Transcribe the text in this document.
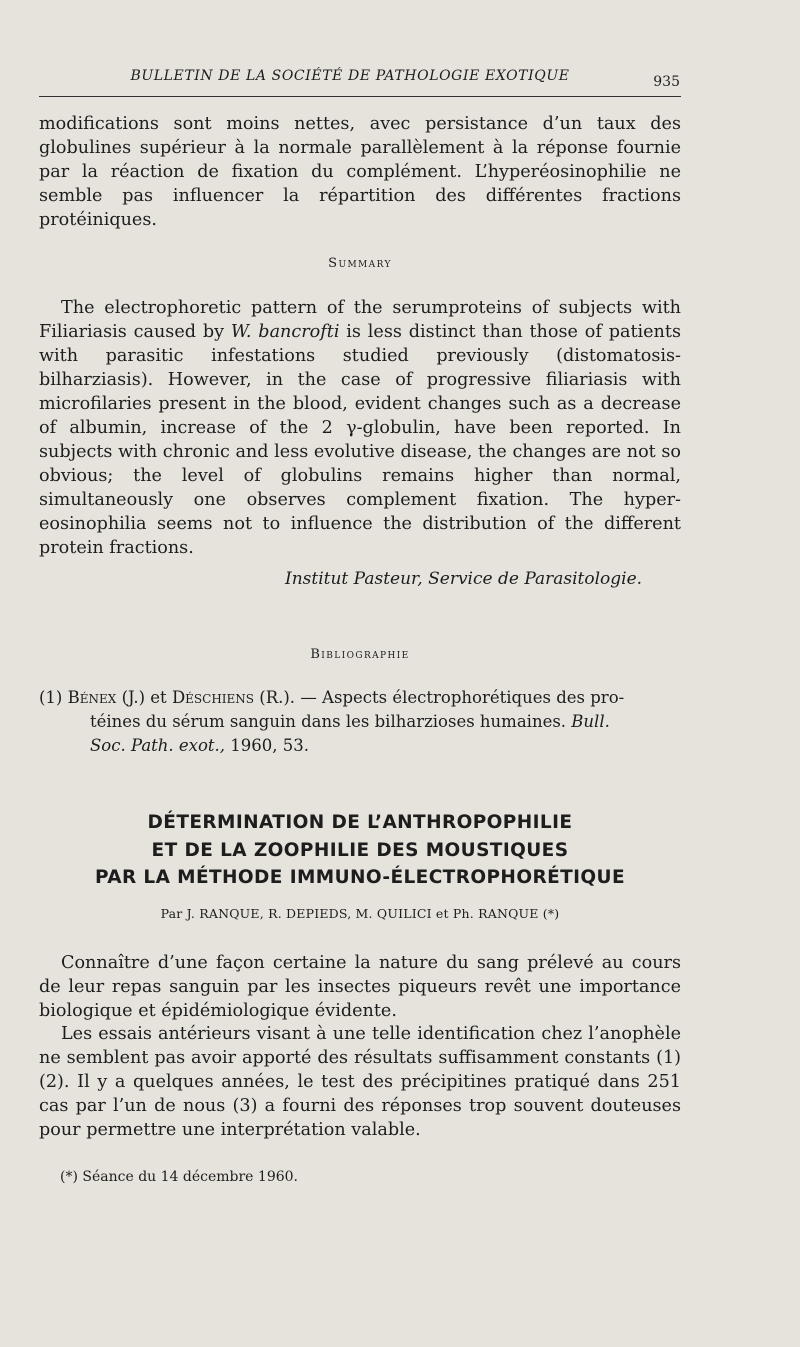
BULLETIN DE LA SOCIÉTÉ DE PATHOLOGIE EXOTIQUE	935
modifications sont moins nettes, avec persistance d’un taux des globulines supérieur à la normale parallèlement à la réponse fournie par la réaction de fixation du complément. L’hyperéosinophilie ne semble pas influencer la répartition des différentes fractions protéiniques.
Summary
The electrophoretic pattern of the serumproteins of subjects with Filiariasis caused by W. bancrofti is less distinct than those of patients with parasitic infestations studied previously (distomatosis-bilharziasis). However, in the case of progressive filiariasis with microfilaries present in the blood, evident changes such as a decrease of albumin, increase of the 2 γ-globulin, have been reported. In subjects with chronic and less evolutive disease, the changes are not so obvious; the level of globulins remains higher than normal, simultaneously one observes complement fixation. The hyper-eosinophilia seems not to influence the distribution of the different protein fractions.
Institut Pasteur, Service de Parasitologie.
Bibliographie
(1) Bénex (J.) et Déschiens (R.). — Aspects électrophorétiques des pro-
téines du sérum sanguin dans les bilharzioses humaines. Bull.
Soc. Path. exot., 1960, 53.
DÉTERMINATION DE L’ANTHROPOPHILIE
ET DE LA ZOOPHILIE DES MOUSTIQUES
PAR LA MÉTHODE IMMUNO-ÉLECTROPHORÉTIQUE
Par J. RANQUE, R. DEPIEDS, M. QUILICI et Ph. RANQUE (*)
Connaître d’une façon certaine la nature du sang prélevé au cours de leur repas sanguin par les insectes piqueurs revêt une importance biologique et épidémiologique évidente.
Les essais antérieurs visant à une telle identification chez l’anophèle ne semblent pas avoir apporté des résultats suffisamment constants (1) (2). Il y a quelques années, le test des précipitines pratiqué dans 251 cas par l’un de nous (3) a fourni des réponses trop souvent douteuses pour permettre une interprétation valable.
(*) Séance du 14 décembre 1960.
